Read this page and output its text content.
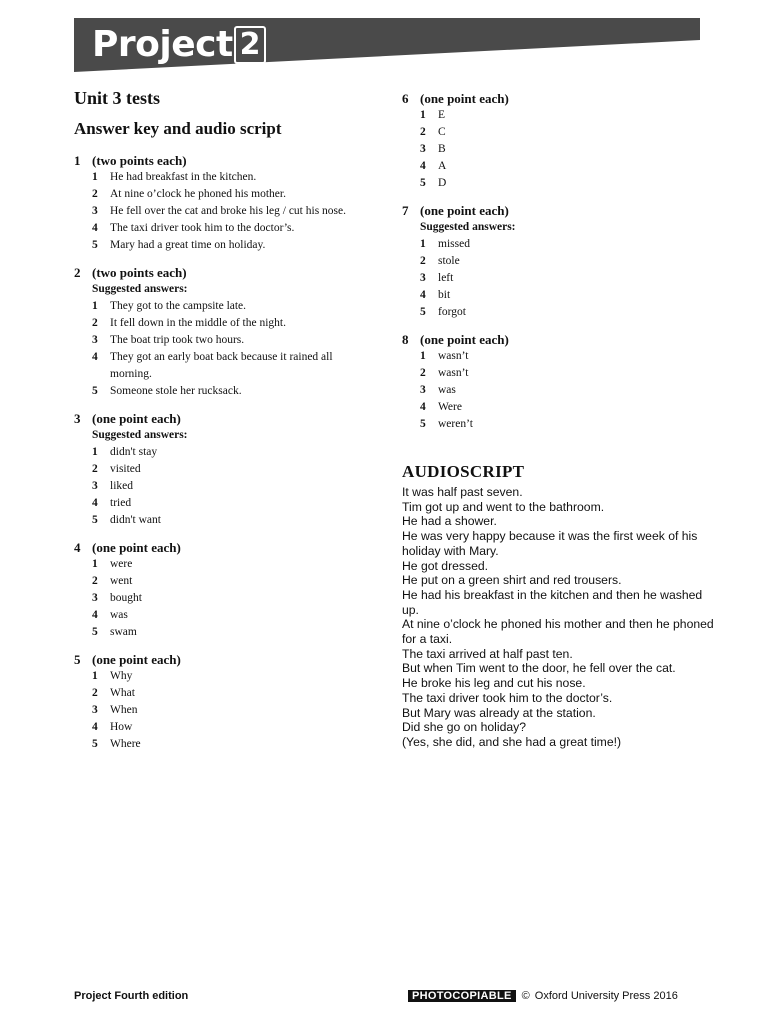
Project 2
Unit 3 tests
Answer key and audio script
1 (two points each)
1	He had breakfast in the kitchen.
2	At nine o’clock he phoned his mother.
3	He fell over the cat and broke his leg / cut his nose.
4	The taxi driver took him to the doctor’s.
5	Mary had a great time on holiday.
2 (two points each)
Suggested answers:
1	They got to the campsite late.
2	It fell down in the middle of the night.
3	The boat trip took two hours.
4	They got an early boat back because it rained all morning.
5	Someone stole her rucksack.
3 (one point each)
Suggested answers:
1	didn't stay
2	visited
3	liked
4	tried
5	didn't want
4 (one point each)
1	were
2	went
3	bought
4	was
5	swam
5 (one point each)
1	Why
2	What
3	When
4	How
5	Where
6 (one point each)
1	E
2	C
3	B
4	A
5	D
7 (one point each)
Suggested answers:
1	missed
2	stole
3	left
4	bit
5	forgot
8 (one point each)
1	wasn’t
2	wasn’t
3	was
4	Were
5	weren’t
AUDIOSCRIPT
It was half past seven.
Tim got up and went to the bathroom.
He had a shower.
He was very happy because it was the first week of his holiday with Mary.
He got dressed.
He put on a green shirt and red trousers.
He had his breakfast in the kitchen and then he washed up.
At nine o’clock he phoned his mother and then he phoned for a taxi.
The taxi arrived at half past ten.
But when Tim went to the door, he fell over the cat.
He broke his leg and cut his nose.
The taxi driver took him to the doctor’s.
But Mary was already at the station.
Did she go on holiday?
(Yes, she did, and she had a great time!)
Project Fourth edition	PHOTOCOPIABLE © Oxford University Press 2016
